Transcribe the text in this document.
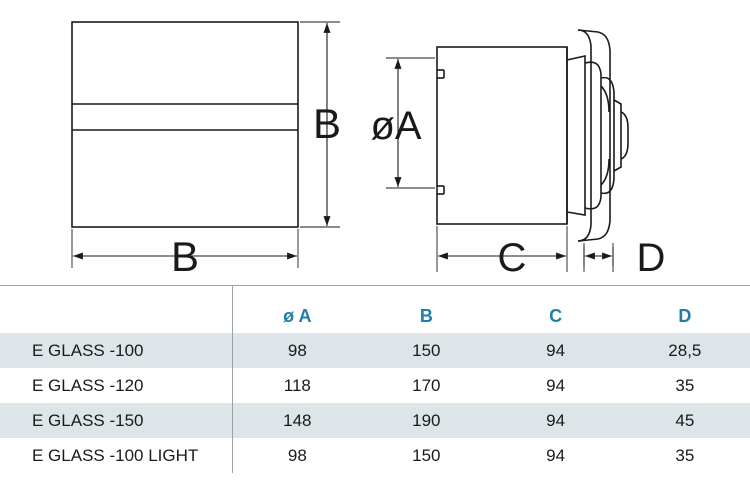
B
B
øA
C	D
	ø A	B	C	D
E GLASS -100	98	150	94	28,5
E GLASS -120	118	170	94	35
E GLASS -150	148	190	94	45
E GLASS -100 LIGHT	98	150	94	35
